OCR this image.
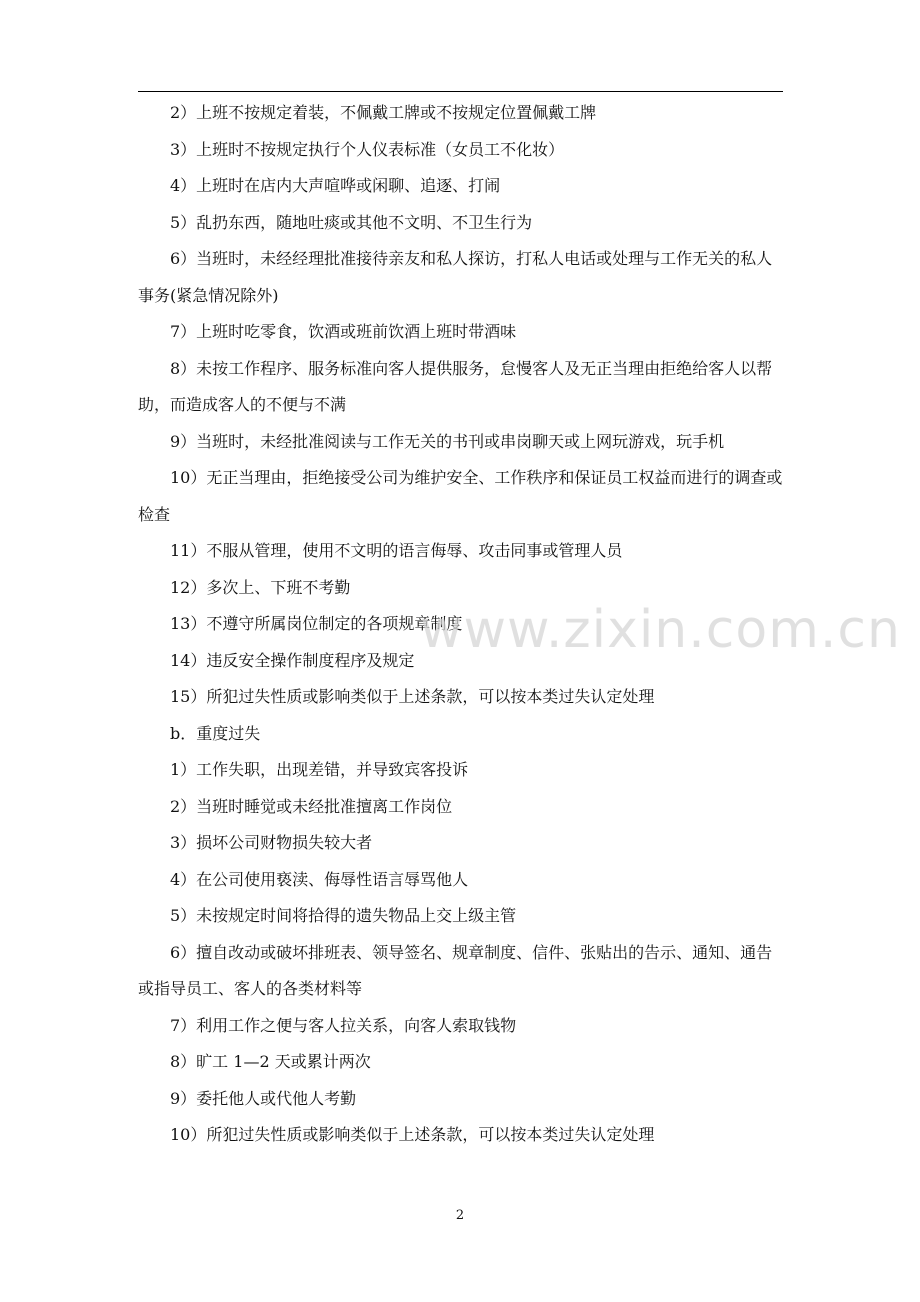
2）上班不按规定着装，不佩戴工牌或不按规定位置佩戴工牌

3）上班时不按规定执行个人仪表标准（女员工不化妆）

4）上班时在店内大声喧哗或闲聊、追逐、打闹

5）乱扔东西，随地吐痰或其他不文明、不卫生行为

6）当班时，未经经理批准接待亲友和私人探访，打私人电话或处理与工作无关的私人事务(紧急情况除外)

7）上班时吃零食，饮酒或班前饮酒上班时带酒味

8）未按工作程序、服务标准向客人提供服务，怠慢客人及无正当理由拒绝给客人以帮助，而造成客人的不便与不满

9）当班时，未经批准阅读与工作无关的书刊或串岗聊天或上网玩游戏，玩手机

10）无正当理由，拒绝接受公司为维护安全、工作秩序和保证员工权益而进行的调查或检查

11）不服从管理，使用不文明的语言侮辱、攻击同事或管理人员

12）多次上、下班不考勤

13）不遵守所属岗位制定的各项规章制度

14）违反安全操作制度程序及规定

15）所犯过失性质或影响类似于上述条款，可以按本类过失认定处理

b．重度过失

1）工作失职，出现差错，并导致宾客投诉

2）当班时睡觉或未经批准擅离工作岗位

3）损坏公司财物损失较大者

4）在公司使用亵渎、侮辱性语言辱骂他人

5）未按规定时间将拾得的遗失物品上交上级主管

6）擅自改动或破坏排班表、领导签名、规章制度、信件、张贴出的告示、通知、通告或指导员工、客人的各类材料等

7）利用工作之便与客人拉关系，向客人索取钱物

8）旷工 1—2 天或累计两次

9）委托他人或代他人考勤

10）所犯过失性质或影响类似于上述条款，可以按本类过失认定处理

www.zixin.com.cn
2
